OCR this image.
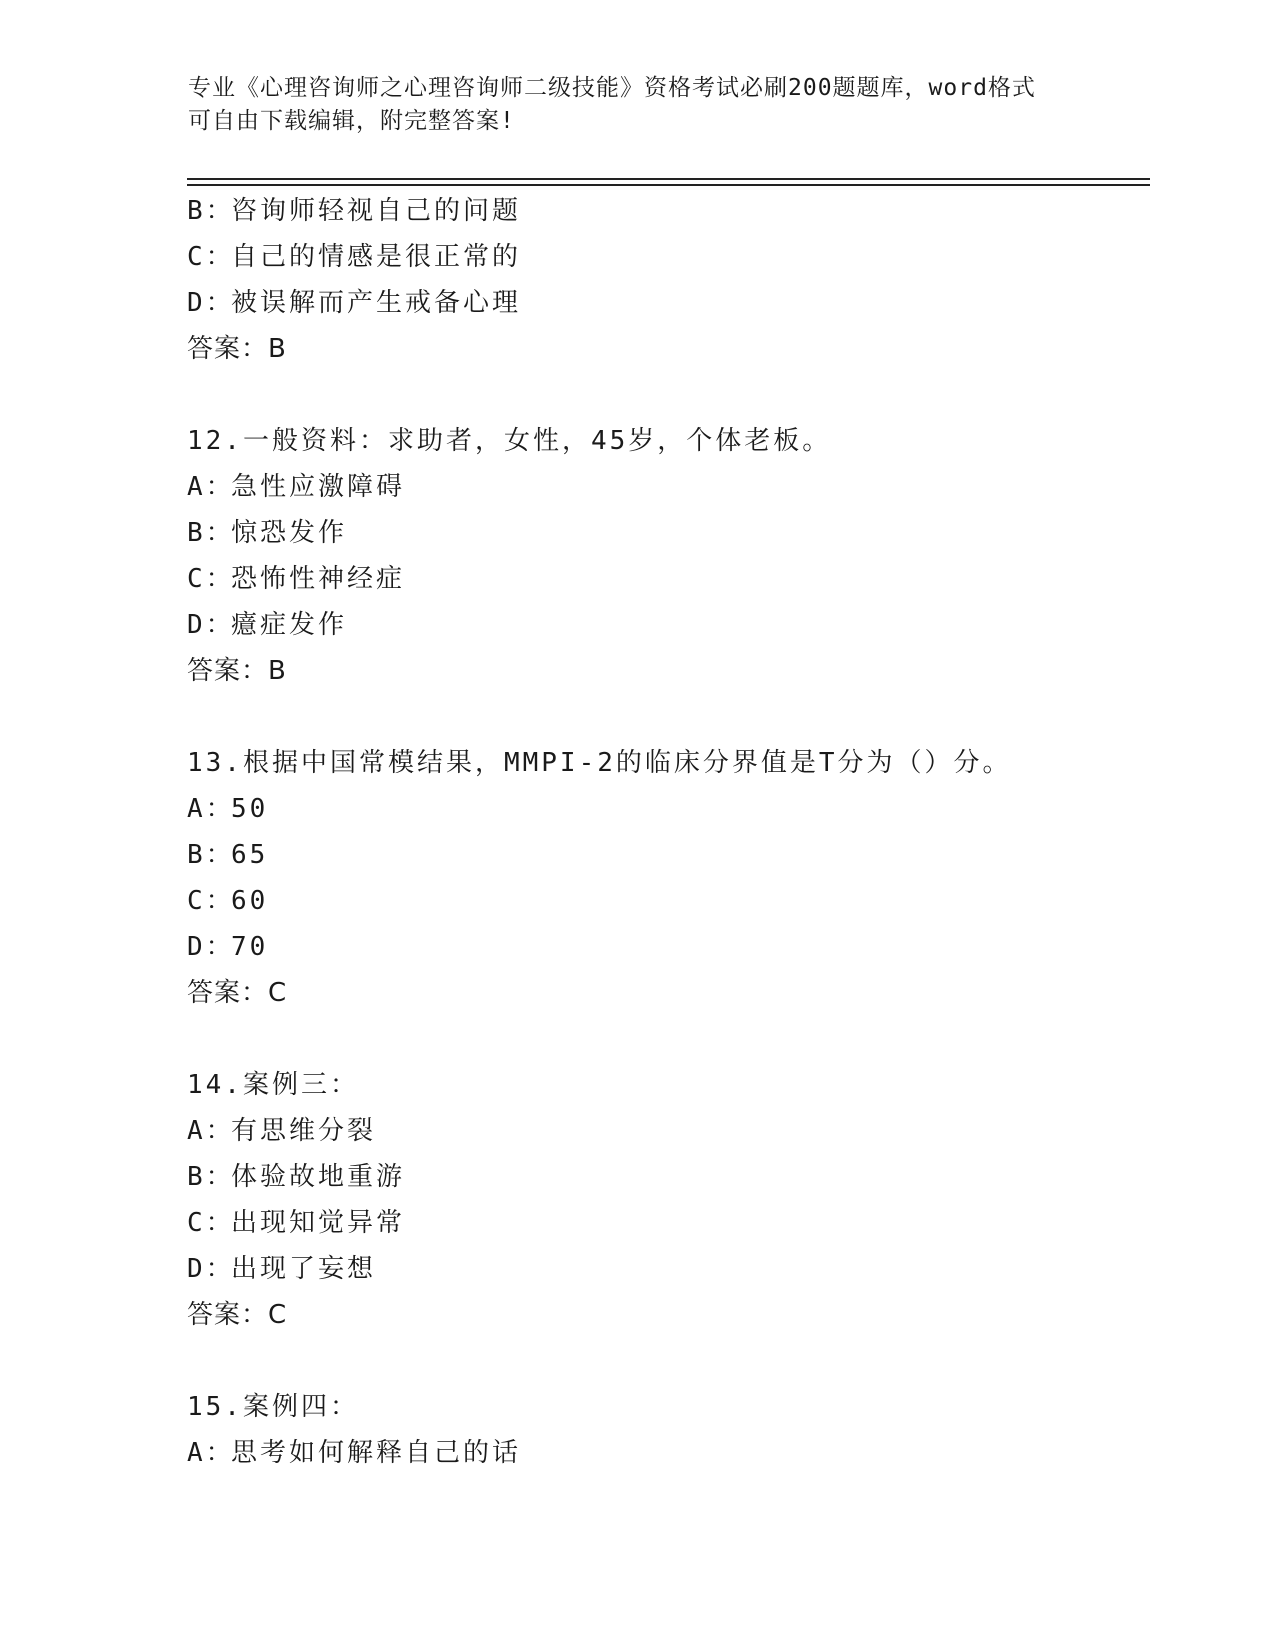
专业《心理咨询师之心理咨询师二级技能》资格考试必刷200题题库，word格式
可自由下载编辑，附完整答案!
B：咨询师轻视自己的问题
C：自己的情感是很正常的
D：被误解而产生戒备心理
答案：B
12.一般资料：求助者，女性，45岁，个体老板。
A：急性应激障碍
B：惊恐发作
C：恐怖性神经症
D：癔症发作
答案：B
13.根据中国常模结果，MMPI-2的临床分界值是T分为（）分。
A：50
B：65
C：60
D：70
答案：C
14.案例三：
A：有思维分裂
B：体验故地重游
C：出现知觉异常
D：出现了妄想
答案：C
15.案例四：
A：思考如何解释自己的话
